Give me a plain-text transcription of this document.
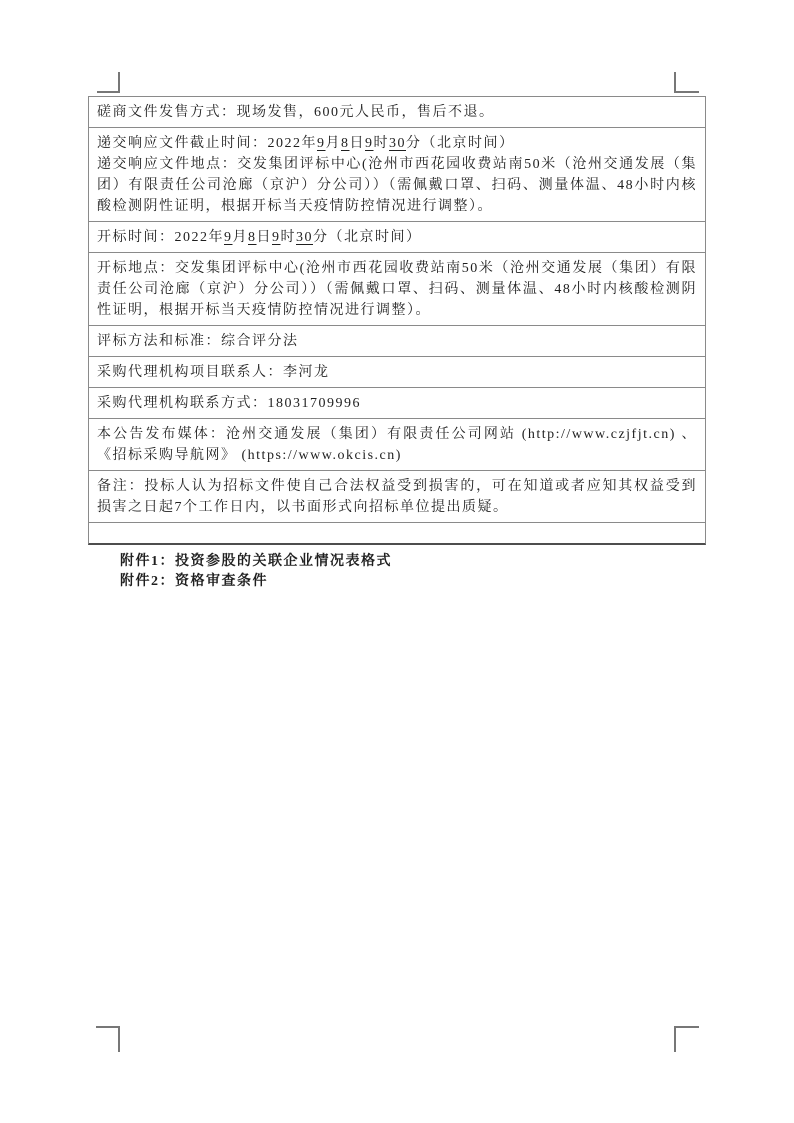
磋商文件发售方式：现场发售，600元人民币，售后不退。

递交响应文件截止时间：2022年9月8日9时30分（北京时间）

递交响应文件地点：交发集团评标中心(沧州市西花园收费站南50米（沧州交通发展（集团）有限责任公司沧廊（京沪）分公司））（需佩戴口罩、扫码、测量体温、48小时内核酸检测阴性证明，根据开标当天疫情防控情况进行调整）。

开标时间：2022年9月8日9时30分（北京时间）

开标地点：交发集团评标中心(沧州市西花园收费站南50米（沧州交通发展（集团）有限责任公司沧廊（京沪）分公司））（需佩戴口罩、扫码、测量体温、48小时内核酸检测阴性证明，根据开标当天疫情防控情况进行调整）。

评标方法和标准：综合评分法

采购代理机构项目联系人：李河龙

采购代理机构联系方式：18031709996

本公告发布媒体：沧州交通发展（集团）有限责任公司网站 (http://www.czjfjt.cn) 、《招标采购导航网》 (https://www.okcis.cn)

备注：投标人认为招标文件使自己合法权益受到损害的，可在知道或者应知其权益受到损害之日起7个工作日内，以书面形式向招标单位提出质疑。

附件1：投资参股的关联企业情况表格式
附件2：资格审查条件
